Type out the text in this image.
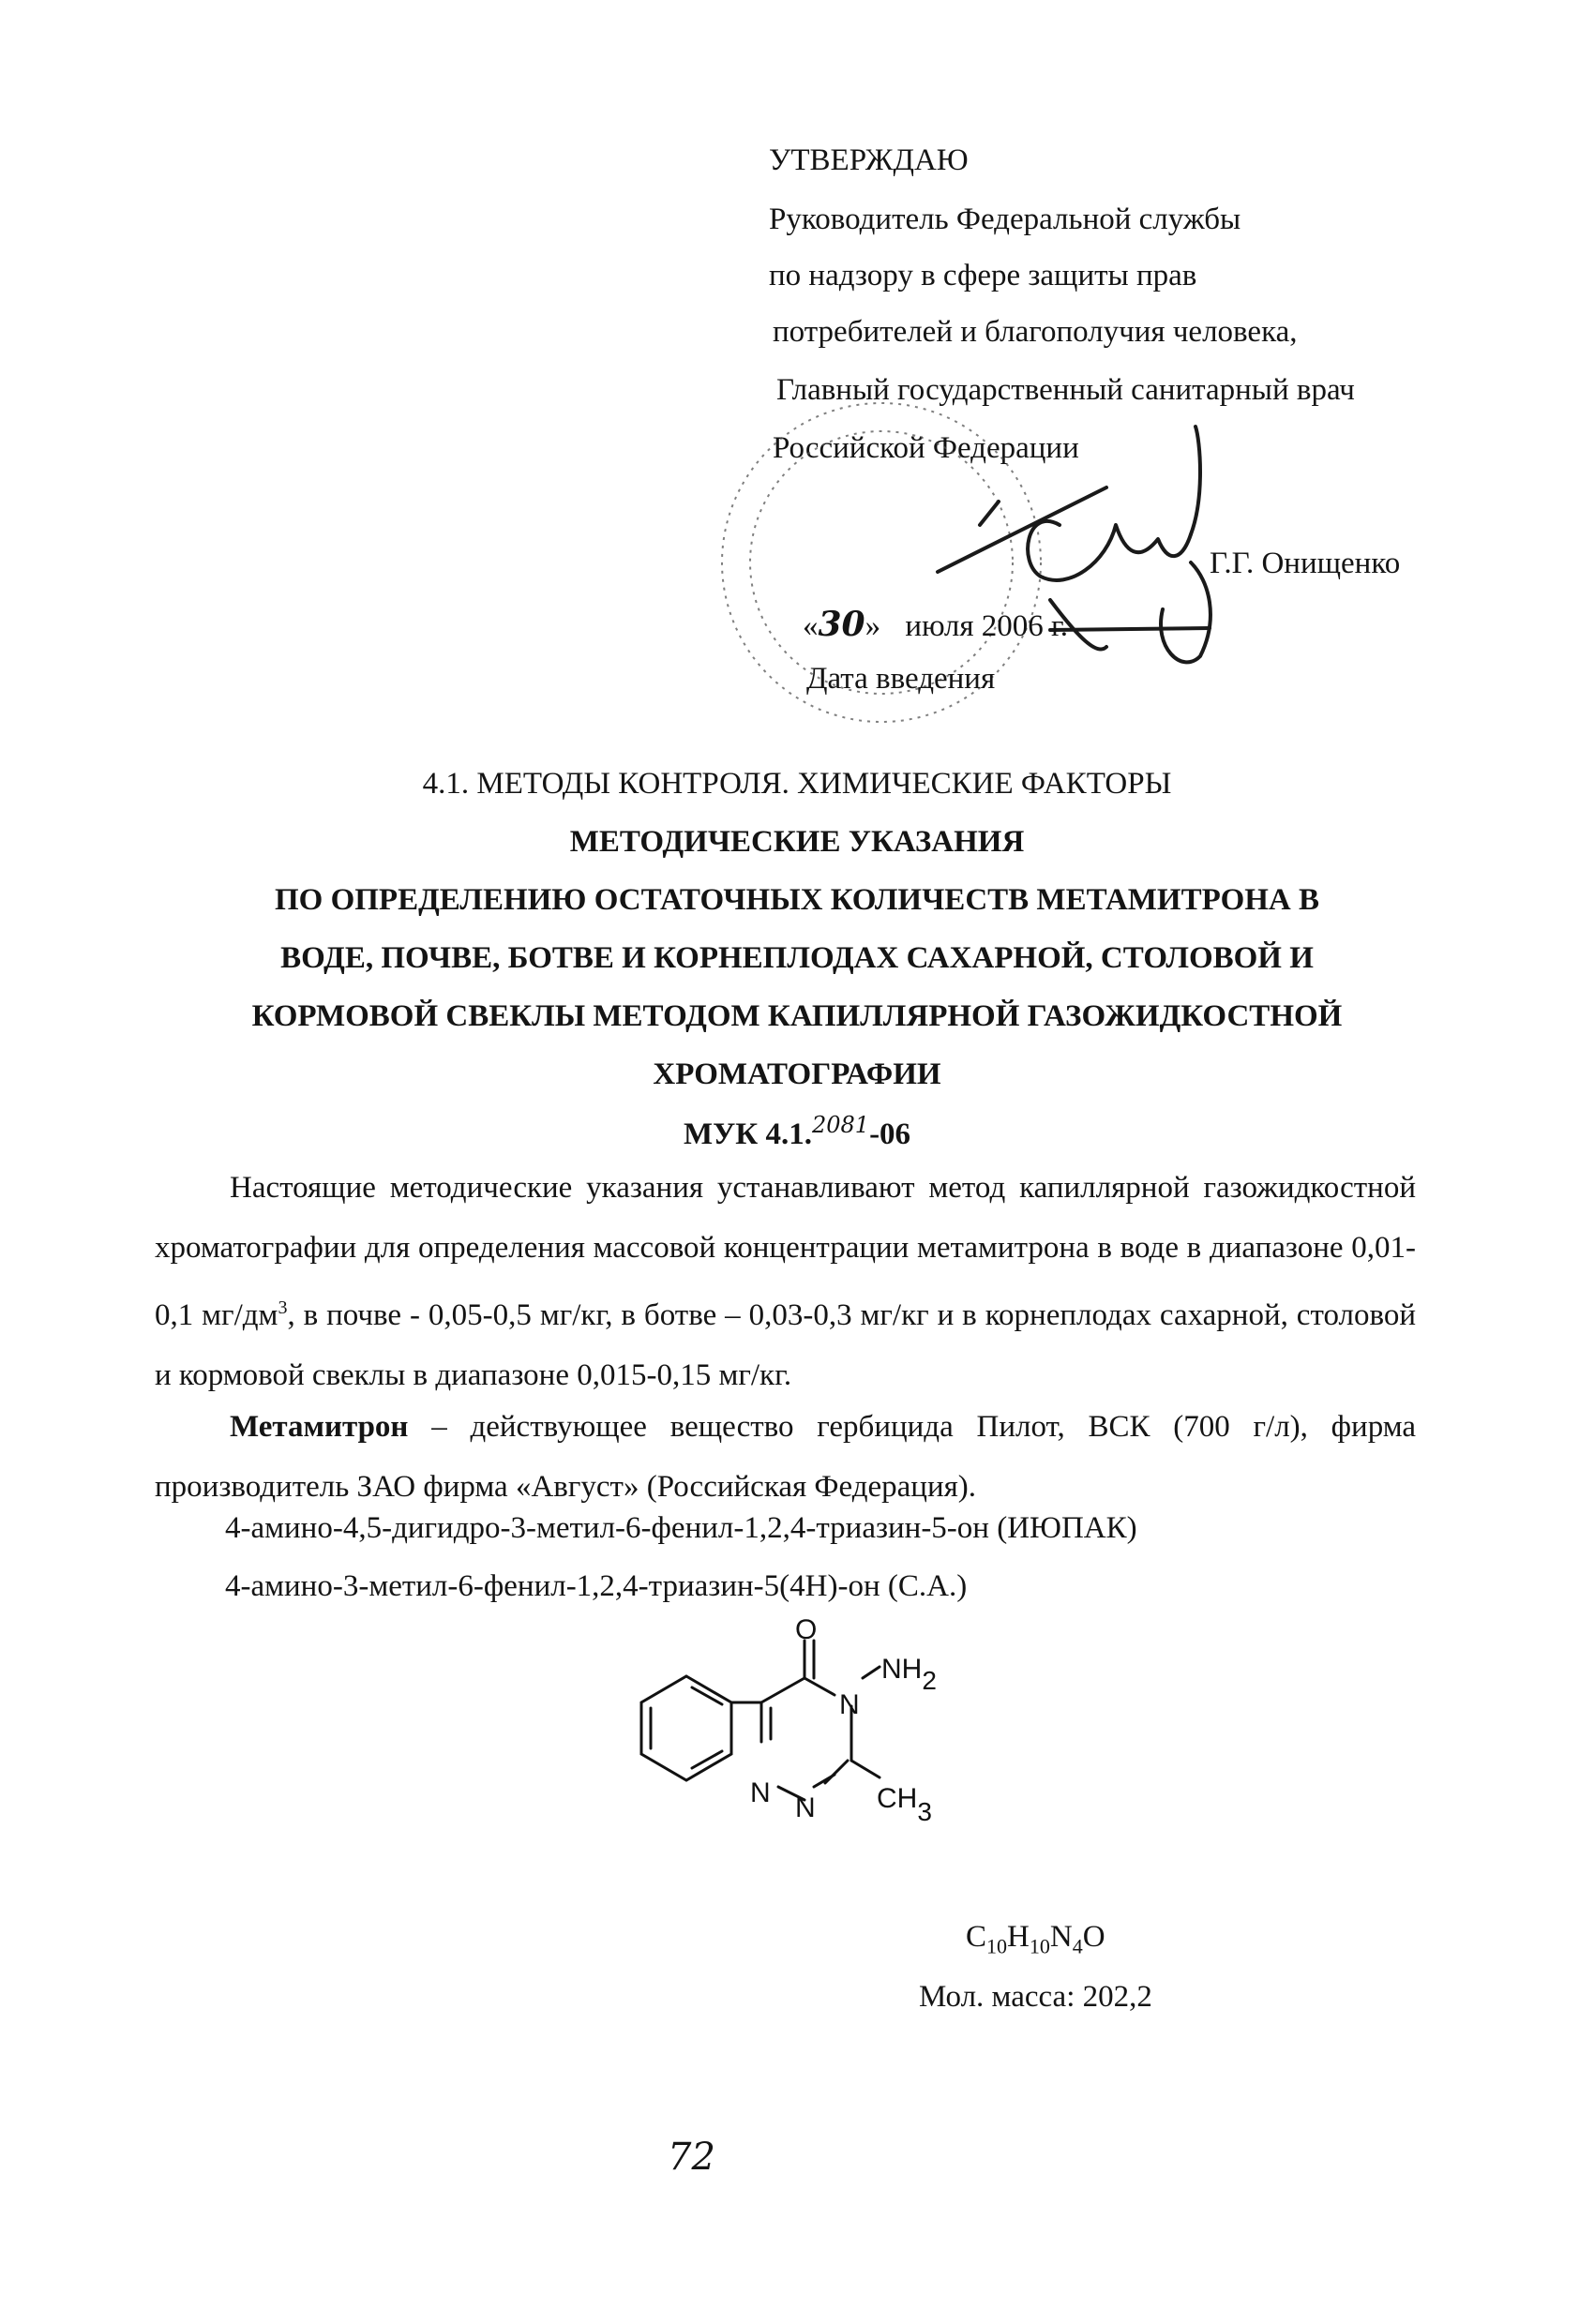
УТВЕРЖДАЮ
Руководитель Федеральной службы
по надзору в сфере защиты прав
потребителей и благополучия человека,
Главный государственный санитарный врач
Российской Федерации
Г.Г. Онищенко
«30» июля 2006 г.
Дата введения
4.1. МЕТОДЫ КОНТРОЛЯ. ХИМИЧЕСКИЕ ФАКТОРЫ
МЕТОДИЧЕСКИЕ УКАЗАНИЯ
ПО ОПРЕДЕЛЕНИЮ ОСТАТОЧНЫХ КОЛИЧЕСТВ МЕТАМИТРОНА В
ВОДЕ, ПОЧВЕ, БОТВЕ И КОРНЕПЛОДАХ САХАРНОЙ, СТОЛОВОЙ И
КОРМОВОЙ СВЕКЛЫ МЕТОДОМ КАПИЛЛЯРНОЙ ГАЗОЖИДКОСТНОЙ
ХРОМАТОГРАФИИ
МУК 4.1.$^{2081}$-06
Настоящие методические указания устанавливают метод капиллярной газожидкостной хроматографии для определения массовой концентрации метамитрона в воде в диапазоне 0,01-0,1 $мг/дм^3$, в почве - 0,05-0,5 мг/кг, в ботве – 0,03-0,3 мг/кг и в корнеплодах сахарной, столовой и кормовой свеклы в диапазоне 0,015-0,15 мг/кг.
Метамитрон – действующее вещество гербицида Пилот, ВСК (700 г/л), фирма производитель ЗАО фирма «Август» (Российская Федерация).
4-амино-4,5-дигидро-3-метил-6-фенил-1,2,4-триазин-5-он (ИЮПАК)
4-амино-3-метил-6-фенил-1,2,4-триазин-5(4H)-он (С.А.)
O
N
NH2
N N CH3
$C_{10}H_{10}N_4O$
Мол. масса: 202,2
72
